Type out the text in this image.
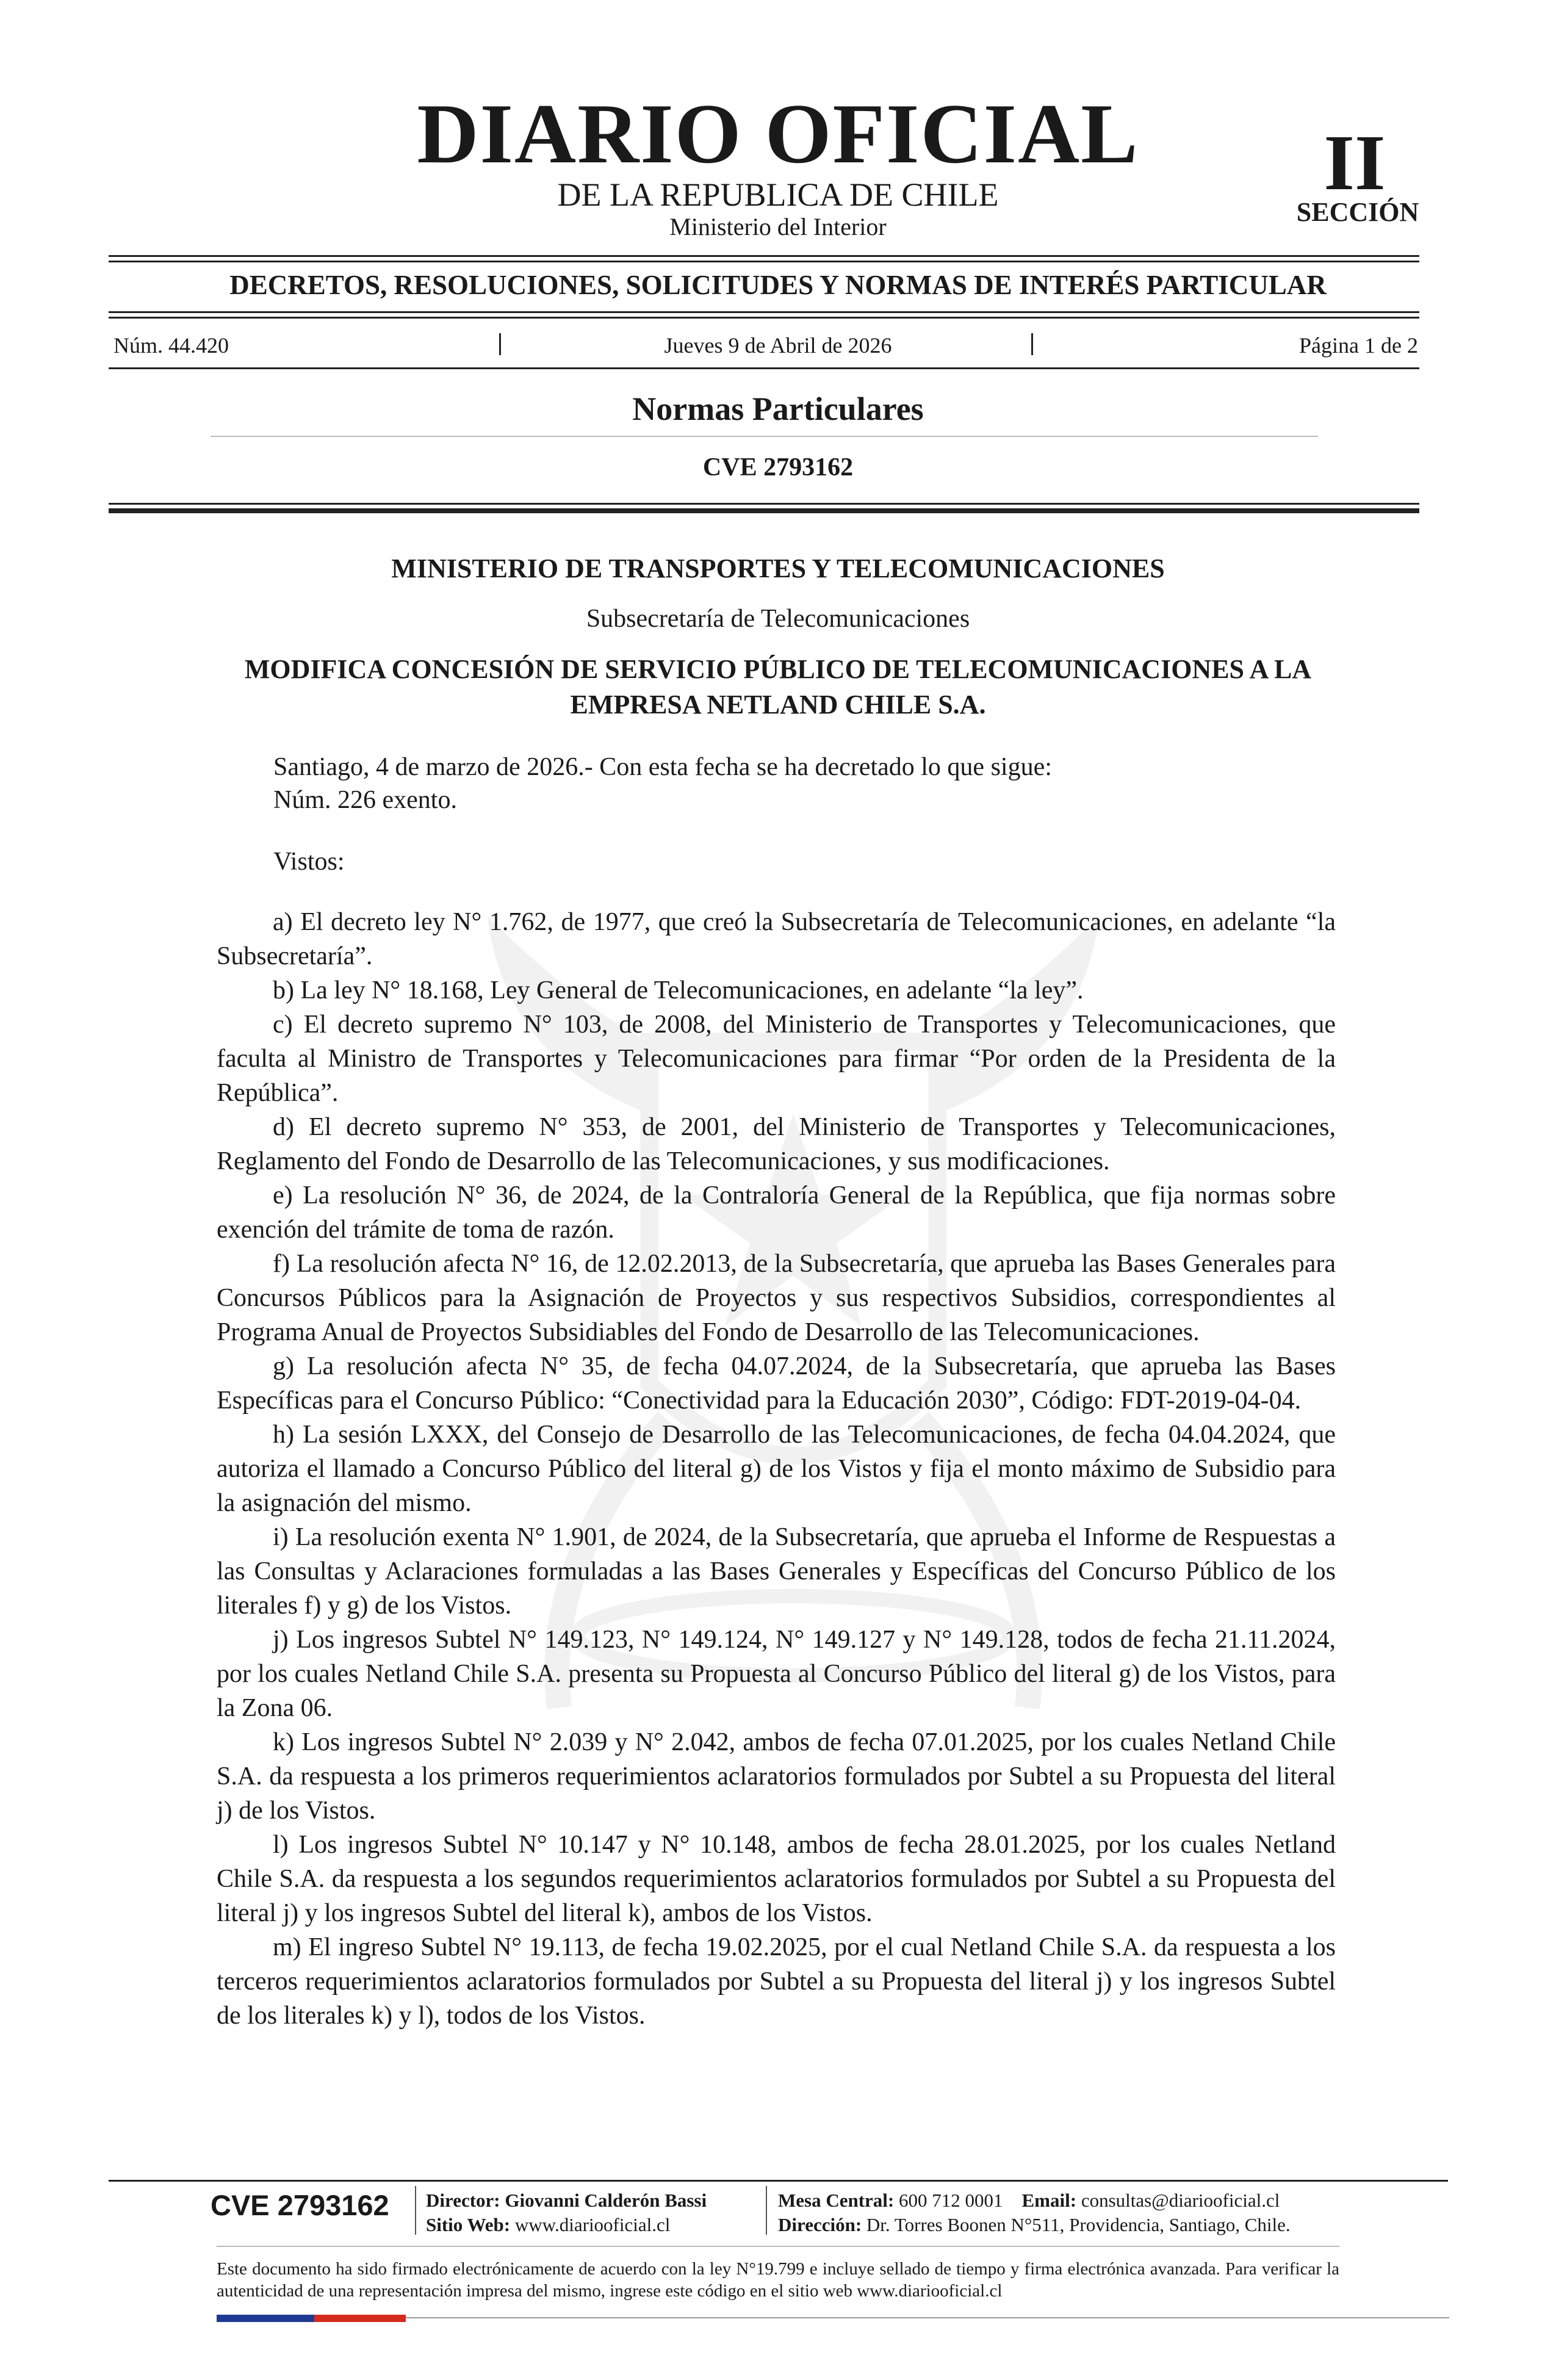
DIARIO OFICIAL
DE LA REPUBLICA DE CHILE
Ministerio del Interior
II
SECCIÓN
DECRETOS, RESOLUCIONES, SOLICITUDES Y NORMAS DE INTERÉS PARTICULAR
Núm. 44.420	Jueves 9 de Abril de 2026	Página 1 de 2
Normas Particulares
CVE 2793162
MINISTERIO DE TRANSPORTES Y TELECOMUNICACIONES
Subsecretaría de Telecomunicaciones
MODIFICA CONCESIÓN DE SERVICIO PÚBLICO DE TELECOMUNICACIONES A LA EMPRESA NETLAND CHILE S.A.
Santiago, 4 de marzo de 2026.- Con esta fecha se ha decretado lo que sigue:
Núm. 226 exento.
Vistos:

a) El decreto ley N° 1.762, de 1977, que creó la Subsecretaría de Telecomunicaciones, en adelante “la Subsecretaría”.

b) La ley N° 18.168, Ley General de Telecomunicaciones, en adelante “la ley”.

c) El decreto supremo N° 103, de 2008, del Ministerio de Transportes y Telecomunicaciones, que faculta al Ministro de Transportes y Telecomunicaciones para firmar “Por orden de la Presidenta de la República”.

d) El decreto supremo N° 353, de 2001, del Ministerio de Transportes y Telecomunicaciones, Reglamento del Fondo de Desarrollo de las Telecomunicaciones, y sus modificaciones.

e) La resolución N° 36, de 2024, de la Contraloría General de la República, que fija normas sobre exención del trámite de toma de razón.

f) La resolución afecta N° 16, de 12.02.2013, de la Subsecretaría, que aprueba las Bases Generales para Concursos Públicos para la Asignación de Proyectos y sus respectivos Subsidios, correspondientes al Programa Anual de Proyectos Subsidiables del Fondo de Desarrollo de las Telecomunicaciones.

g) La resolución afecta N° 35, de fecha 04.07.2024, de la Subsecretaría, que aprueba las Bases Específicas para el Concurso Público: “Conectividad para la Educación 2030”, Código: FDT-2019-04-04.

h) La sesión LXXX, del Consejo de Desarrollo de las Telecomunicaciones, de fecha 04.04.2024, que autoriza el llamado a Concurso Público del literal g) de los Vistos y fija el monto máximo de Subsidio para la asignación del mismo.

i) La resolución exenta N° 1.901, de 2024, de la Subsecretaría, que aprueba el Informe de Respuestas a las Consultas y Aclaraciones formuladas a las Bases Generales y Específicas del Concurso Público de los literales f) y g) de los Vistos.

j) Los ingresos Subtel N° 149.123, N° 149.124, N° 149.127 y N° 149.128, todos de fecha 21.11.2024, por los cuales Netland Chile S.A. presenta su Propuesta al Concurso Público del literal g) de los Vistos, para la Zona 06.

k) Los ingresos Subtel N° 2.039 y N° 2.042, ambos de fecha 07.01.2025, por los cuales Netland Chile S.A. da respuesta a los primeros requerimientos aclaratorios formulados por Subtel a su Propuesta del literal j) de los Vistos.

l) Los ingresos Subtel N° 10.147 y N° 10.148, ambos de fecha 28.01.2025, por los cuales Netland Chile S.A. da respuesta a los segundos requerimientos aclaratorios formulados por Subtel a su Propuesta del literal j) y los ingresos Subtel del literal k), ambos de los Vistos.

m) El ingreso Subtel N° 19.113, de fecha 19.02.2025, por el cual Netland Chile S.A. da respuesta a los terceros requerimientos aclaratorios formulados por Subtel a su Propuesta del literal j) y los ingresos Subtel de los literales k) y l), todos de los Vistos.

CVE 2793162 Director: Giovanni Calderón Bassi
Sitio Web: www.diariooficial.cl
Mesa Central: 600 712 0001 Email: consultas@diariooficial.cl
Dirección: Dr. Torres Boonen N°511, Providencia, Santiago, Chile.
Este documento ha sido firmado electrónicamente de acuerdo con la ley N°19.799 e incluye sellado de tiempo y firma electrónica avanzada. Para verificar la autenticidad de una representación impresa del mismo, ingrese este código en el sitio web www.diariooficial.cl
